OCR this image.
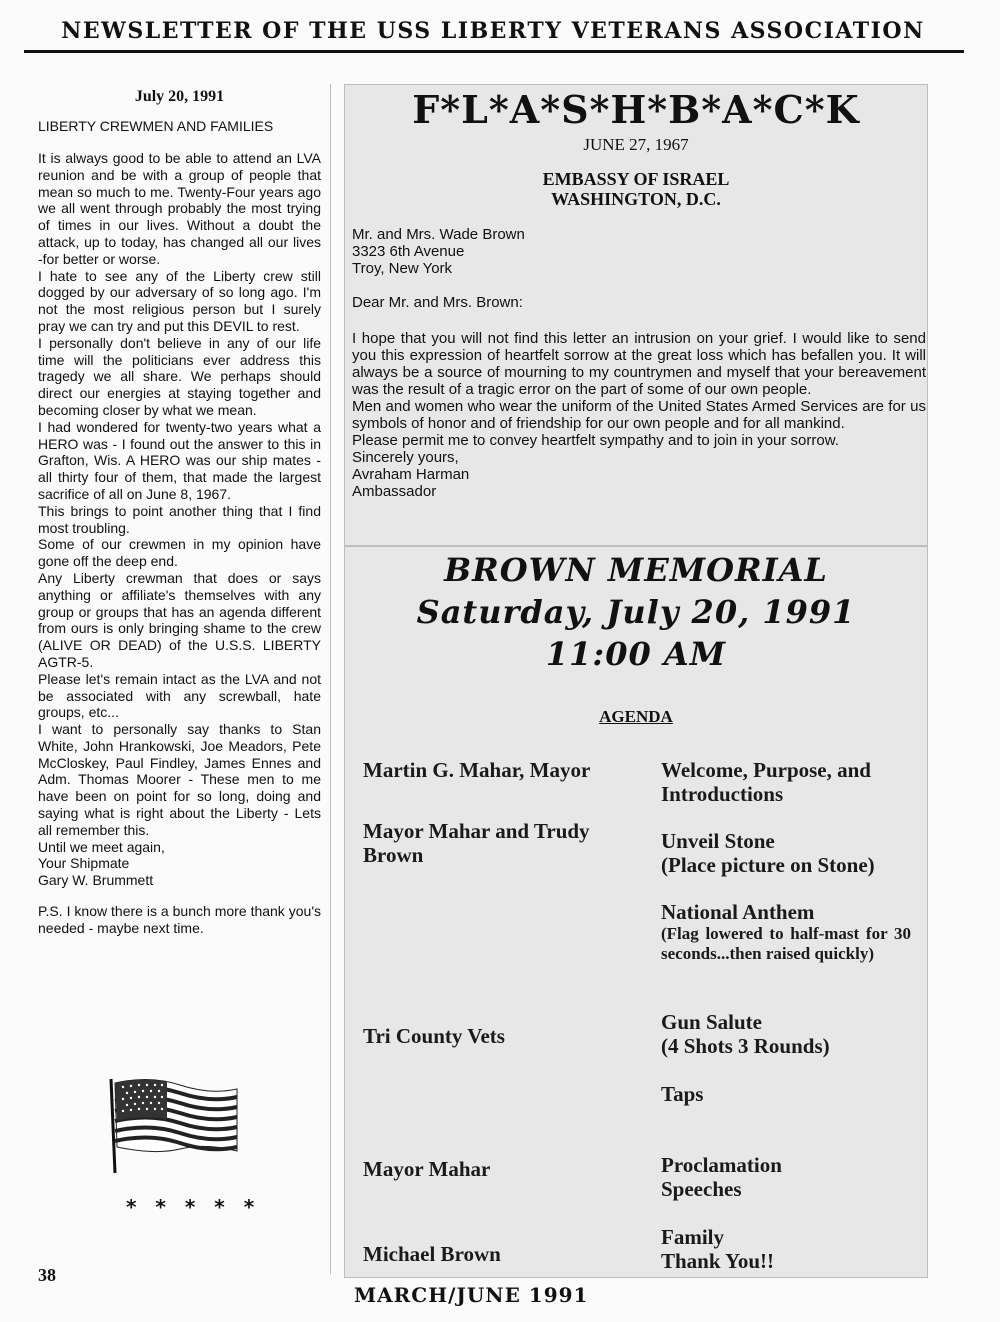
NEWSLETTER OF THE USS LIBERTY VETERANS ASSOCIATION
July 20, 1991
LIBERTY CREWMEN AND FAMILIES

It is always good to be able to attend an LVA reunion and be with a group of people that mean so much to me. Twenty-Four years ago we all went through probably the most trying of times in our lives. Without a doubt the attack, up to today, has changed all our lives -for better or worse.

I hate to see any of the Liberty crew still dogged by our adversary of so long ago. I'm not the most religious person but I surely pray we can try and put this DEVIL to rest.

I personally don't believe in any of our life time will the politicians ever address this tragedy we all share. We perhaps should direct our energies at staying together and becoming closer by what we mean.

I had wondered for twenty-two years what a HERO was - I found out the answer to this in Grafton, Wis. A HERO was our ship mates - all thirty four of them, that made the largest sacrifice of all on June 8, 1967.

This brings to point another thing that I find most troubling.

Some of our crewmen in my opinion have gone off the deep end.

Any Liberty crewman that does or says anything or affiliate's themselves with any group or groups that has an agenda different from ours is only bringing shame to the crew (ALIVE OR DEAD) of the U.S.S. LIBERTY AGTR-5.

Please let's remain intact as the LVA and not be associated with any screwball, hate groups, etc...

I want to personally say thanks to Stan White, John Hrankowski, Joe Meadors, Pete McCloskey, Paul Findley, James Ennes and Adm. Thomas Moorer - These men to me have been on point for so long, doing and saying what is right about the Liberty - Lets all remember this.

Until we meet again,
Your Shipmate
Gary W. Brummett

P.S. I know there is a bunch more thank you's needed - maybe next time.

* * * * *
38
F*L*A*S*H*B*A*C*K
JUNE 27, 1967
EMBASSY OF ISRAEL
WASHINGTON, D.C.
Mr. and Mrs. Wade Brown
3323 6th Avenue
Troy, New York
Dear Mr. and Mrs. Brown:

I hope that you will not find this letter an intrusion on your grief. I would like to send you this expression of heartfelt sorrow at the great loss which has befallen you. It will always be a source of mourning to my countrymen and myself that your bereavement was the result of a tragic error on the part of some of our own people.

Men and women who wear the uniform of the United States Armed Services are for us symbols of honor and of friendship for our own people and for all mankind.

Please permit me to convey heartfelt sympathy and to join in your sorrow.

Sincerely yours,
Avraham Harman
Ambassador
BROWN MEMORIAL
Saturday, July 20, 1991
11:00 AM
AGENDA
Martin G. Mahar, Mayor
Mayor Mahar and Trudy Brown
Tri County Vets
Mayor Mahar
Michael Brown
Welcome, Purpose, and Introductions
Unveil Stone
(Place picture on Stone)
National Anthem
(Flag lowered to half-mast for 30 seconds...then raised quickly)
Gun Salute
(4 Shots 3 Rounds)
Taps
Proclamation
Speeches
Family
Thank You!!
MARCH/JUNE 1991
